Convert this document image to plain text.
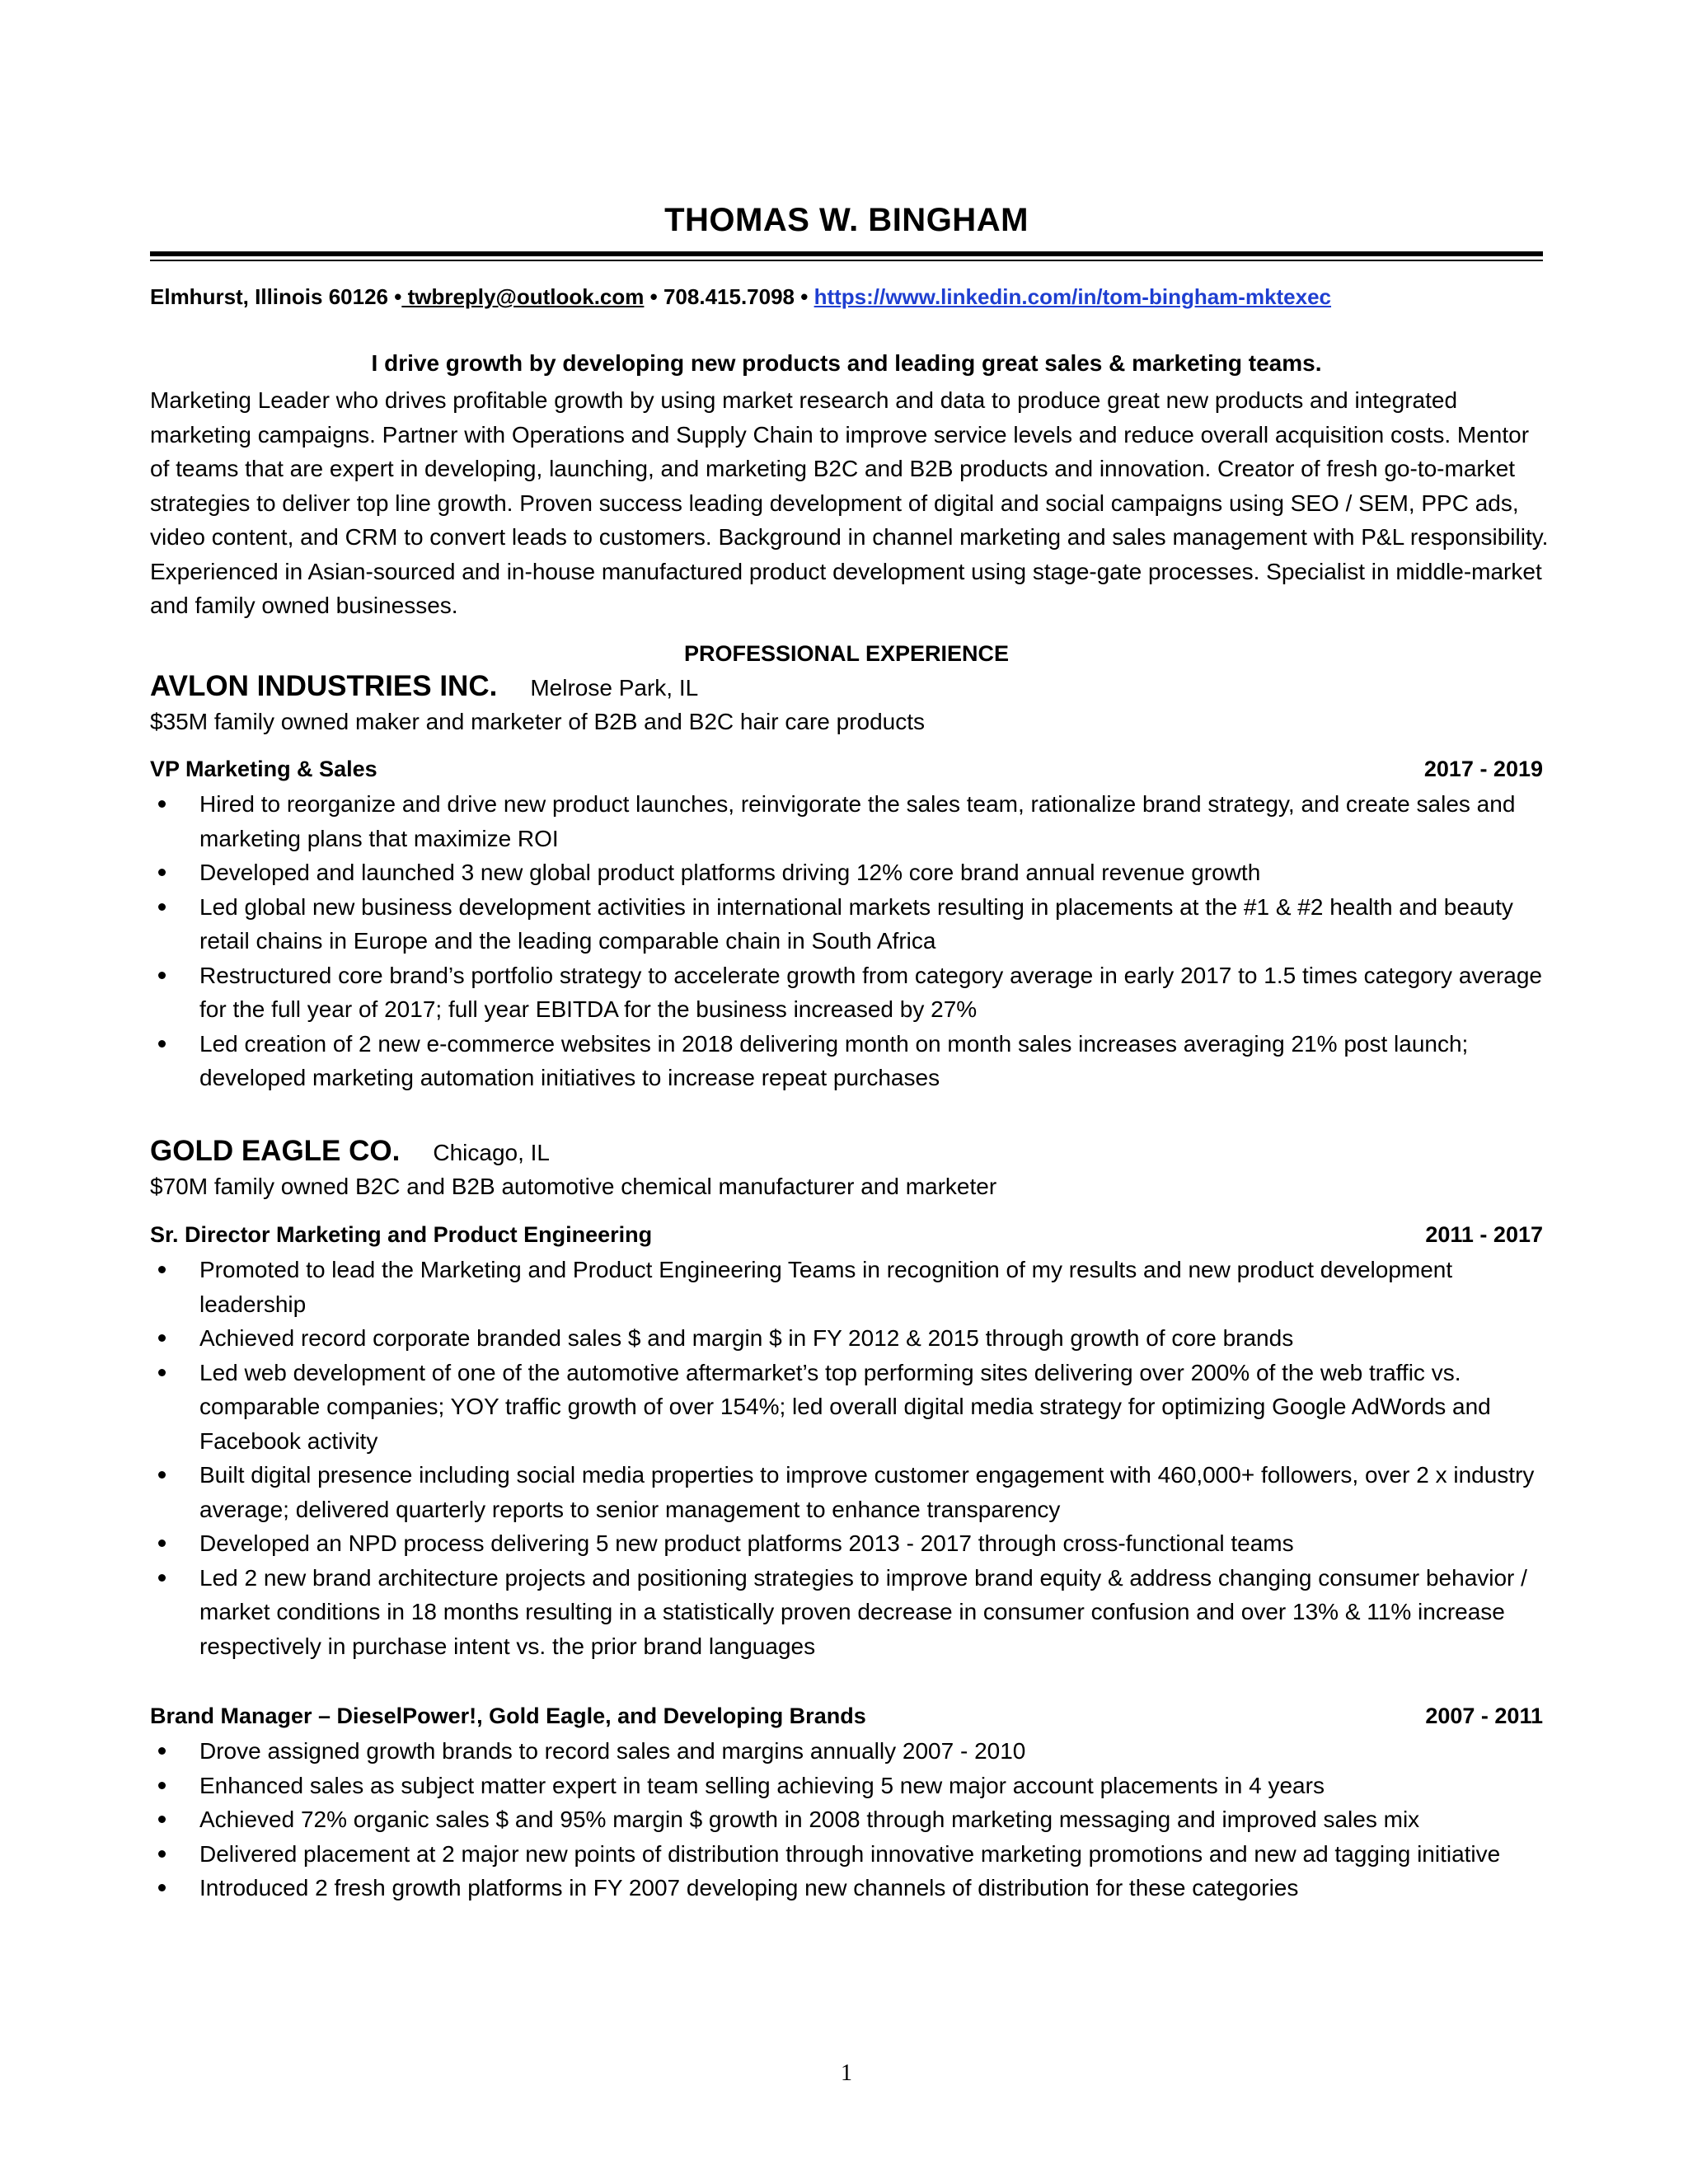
THOMAS W. BINGHAM
Elmhurst, Illinois 60126 • twbreply@outlook.com • 708.415.7098 • https://www.linkedin.com/in/tom-bingham-mktexec
I drive growth by developing new products and leading great sales & marketing teams.
Marketing Leader who drives profitable growth by using market research and data to produce great new products and integrated marketing campaigns. Partner with Operations and Supply Chain to improve service levels and reduce overall acquisition costs. Mentor of teams that are expert in developing, launching, and marketing B2C and B2B products and innovation. Creator of fresh go-to-market strategies to deliver top line growth. Proven success leading development of digital and social campaigns using SEO / SEM, PPC ads, video content, and CRM to convert leads to customers. Background in channel marketing and sales management with P&L responsibility. Experienced in Asian-sourced and in-house manufactured product development using stage-gate processes. Specialist in middle-market and family owned businesses.
PROFESSIONAL EXPERIENCE
AVLON INDUSTRIES INC. Melrose Park, IL
$35M family owned maker and marketer of B2B and B2C hair care products
VP Marketing & Sales	2017 - 2019
Hired to reorganize and drive new product launches, reinvigorate the sales team, rationalize brand strategy, and create sales and marketing plans that maximize ROI
Developed and launched 3 new global product platforms driving 12% core brand annual revenue growth
Led global new business development activities in international markets resulting in placements at the #1 & #2 health and beauty retail chains in Europe and the leading comparable chain in South Africa
Restructured core brand’s portfolio strategy to accelerate growth from category average in early 2017 to 1.5 times category average for the full year of 2017; full year EBITDA for the business increased by 27%
Led creation of 2 new e-commerce websites in 2018 delivering month on month sales increases averaging 21% post launch; developed marketing automation initiatives to increase repeat purchases
GOLD EAGLE CO. Chicago, IL
$70M family owned B2C and B2B automotive chemical manufacturer and marketer
Sr. Director Marketing and Product Engineering	2011 - 2017
Promoted to lead the Marketing and Product Engineering Teams in recognition of my results and new product development leadership
Achieved record corporate branded sales $ and margin $ in FY 2012 & 2015 through growth of core brands
Led web development of one of the automotive aftermarket’s top performing sites delivering over 200% of the web traffic vs. comparable companies; YOY traffic growth of over 154%; led overall digital media strategy for optimizing Google AdWords and Facebook activity
Built digital presence including social media properties to improve customer engagement with 460,000+ followers, over 2 x industry average; delivered quarterly reports to senior management to enhance transparency
Developed an NPD process delivering 5 new product platforms 2013 - 2017 through cross-functional teams
Led 2 new brand architecture projects and positioning strategies to improve brand equity & address changing consumer behavior / market conditions in 18 months resulting in a statistically proven decrease in consumer confusion and over 13% & 11% increase respectively in purchase intent vs. the prior brand languages
Brand Manager – DieselPower!, Gold Eagle, and Developing Brands	2007 - 2011
Drove assigned growth brands to record sales and margins annually 2007 - 2010
Enhanced sales as subject matter expert in team selling achieving 5 new major account placements in 4 years
Achieved 72% organic sales $ and 95% margin $ growth in 2008 through marketing messaging and improved sales mix
Delivered placement at 2 major new points of distribution through innovative marketing promotions and new ad tagging initiative
Introduced 2 fresh growth platforms in FY 2007 developing new channels of distribution for these categories
1
